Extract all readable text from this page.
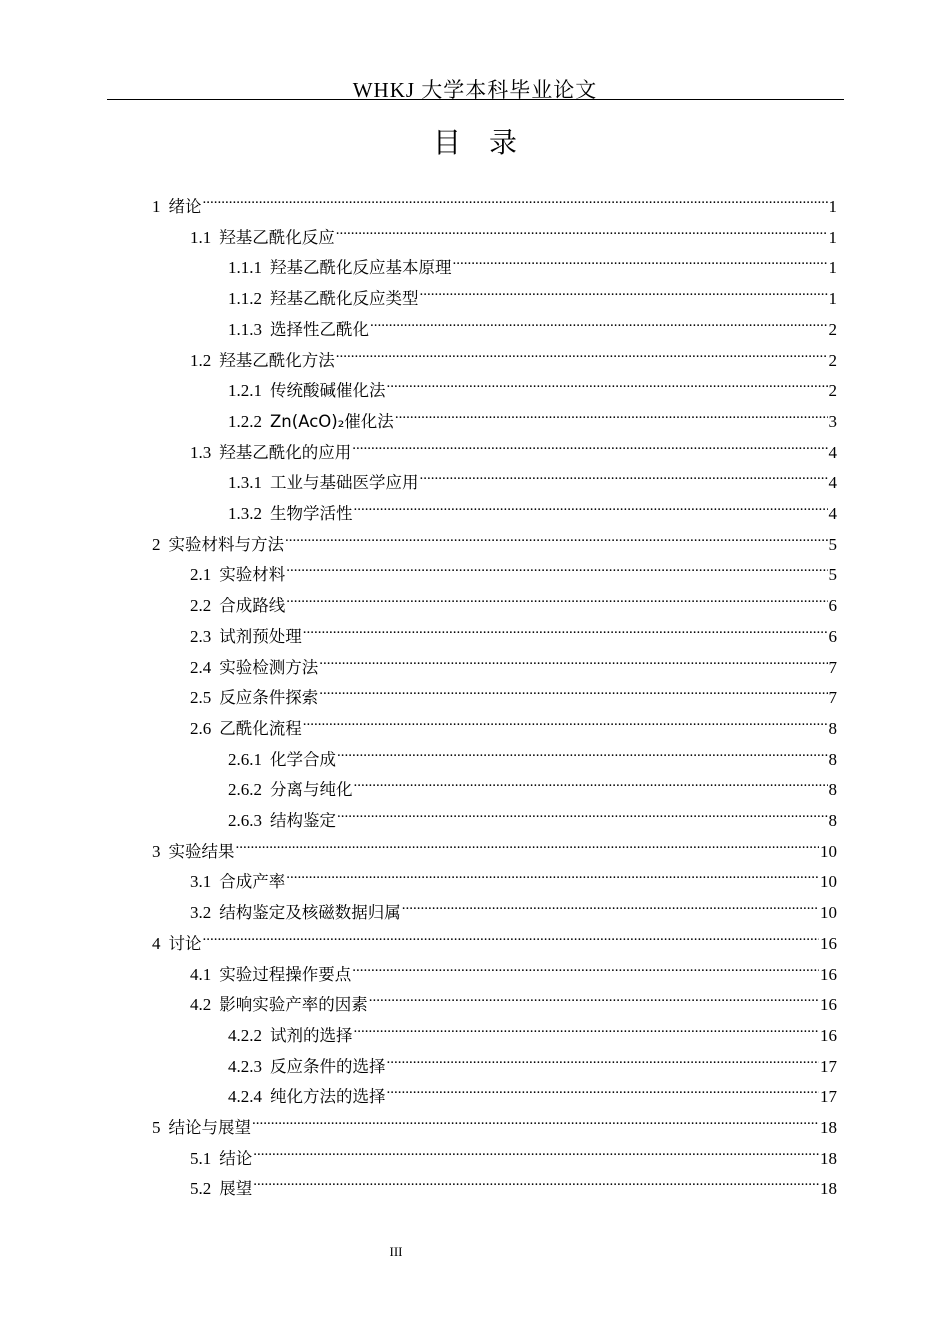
WHKJ 大学本科毕业论文
目录
1 绪论 .....	1
1.1 羟基乙酰化反应 .....	1
1.1.1 羟基乙酰化反应基本原理 .....	1
1.1.2 羟基乙酰化反应类型 .....	1
1.1.3 选择性乙酰化 .....	2
1.2 羟基乙酰化方法 .....	2
1.2.1 传统酸碱催化法 .....	2
1.2.2 Zn(AcO)₂催化法 .....	3
1.3 羟基乙酰化的应用 .....	4
1.3.1 工业与基础医学应用 .....	4
1.3.2 生物学活性 .....	4
2 实验材料与方法 .....	5
2.1 实验材料 .....	5
2.2 合成路线 .....	6
2.3 试剂预处理 .....	6
2.4 实验检测方法 .....	7
2.5 反应条件探索 .....	7
2.6 乙酰化流程 .....	8
2.6.1 化学合成 .....	8
2.6.2 分离与纯化 .....	8
2.6.3 结构鉴定 .....	8
3 实验结果 .....	10
3.1 合成产率 .....	10
3.2 结构鉴定及核磁数据归属 .....	10
4 讨论 .....	16
4.1 实验过程操作要点 .....	16
4.2 影响实验产率的因素 .....	16
4.2.2 试剂的选择 .....	16
4.2.3 反应条件的选择 .....	17
4.2.4 纯化方法的选择 .....	17
5 结论与展望 .....	18
5.1 结论 .....	18
5.2 展望 .....	18
III
